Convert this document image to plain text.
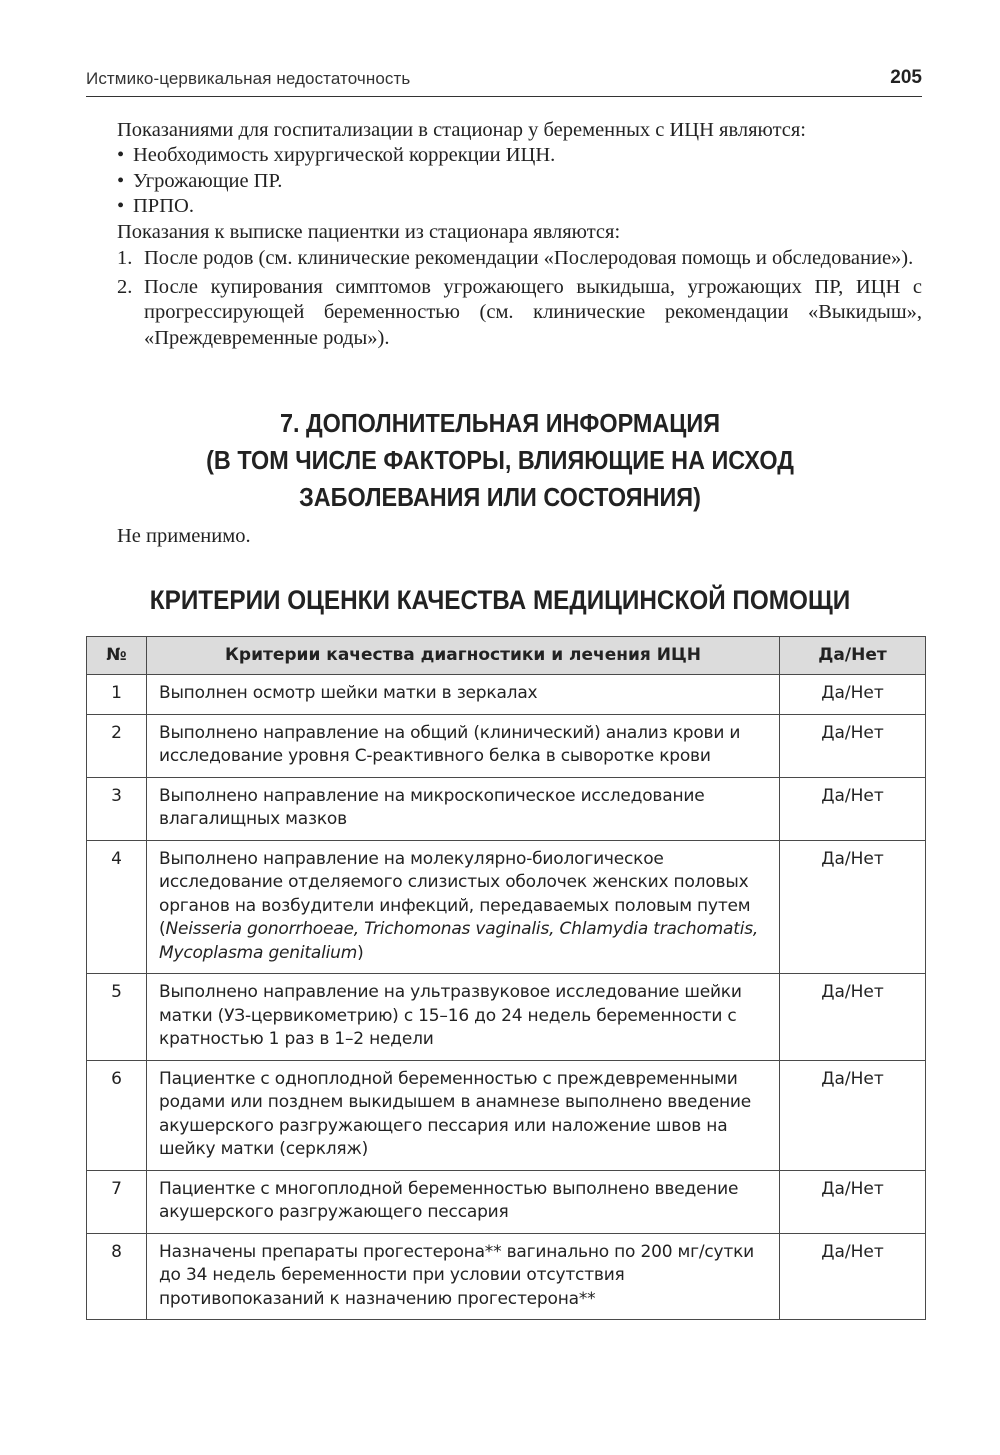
Истмико-цервикальная недостаточность	205

Показаниями для госпитализации в стационар у беременных с ИЦН являются:

• Необходимость хирургической коррекции ИЦН.
• Угрожающие ПР.
• ПРПО.

Показания к выписке пациентки из стационара являются:

1. После родов (см. клинические рекомендации «Послеродовая помощь и обследование»).
2. После купирования симптомов угрожающего выкидыша, угрожающих ПР, ИЦН с прогрессирующей беременностью (см. клинические рекомендации «Выкидыш», «Преждевременные роды»).
7. ДОПОЛНИТЕЛЬНАЯ ИНФОРМАЦИЯ
(В ТОМ ЧИСЛЕ ФАКТОРЫ, ВЛИЯЮЩИЕ НА ИСХОД
ЗАБОЛЕВАНИЯ ИЛИ СОСТОЯНИЯ)

Не применимо.

КРИТЕРИИ ОЦЕНКИ КАЧЕСТВА МЕДИЦИНСКОЙ ПОМОЩИ
№	Критерии качества диагностики и лечения ИЦН	Да/Нет
1	Выполнен осмотр шейки матки в зеркалах	Да/Нет
2	Выполнено направление на общий (клинический) анализ крови и исследование уровня С-реактивного белка в сыворотке крови	Да/Нет
3	Выполнено направление на микроскопическое исследование влагалищных мазков	Да/Нет
4	Выполнено направление на молекулярно-биологическое исследование отделяемого слизистых оболочек женских половых органов на возбудители инфекций, передаваемых половым путем (Neisseria gonorrhoeae, Trichomonas vaginalis, Chlamydia trachomatis, Mycoplasma genitalium)	Да/Нет
5	Выполнено направление на ультразвуковое исследование шейки матки (УЗ-цервикометрию) с 15–16 до 24 недель беременности с кратностью 1 раз в 1–2 недели	Да/Нет
6	Пациентке с одноплодной беременностью с преждевременными родами или позднем выкидышем в анамнезе выполнено введение акушерского разгружающего пессария или наложение швов на шейку матки (серкляж)	Да/Нет
7	Пациентке с многоплодной беременностью выполнено введение акушерского разгружающего пессария	Да/Нет
8	Назначены препараты прогестерона** вагинально по 200 мг/сутки до 34 недель беременности при условии отсутствия противопоказаний к назначению прогестерона**	Да/Нет
